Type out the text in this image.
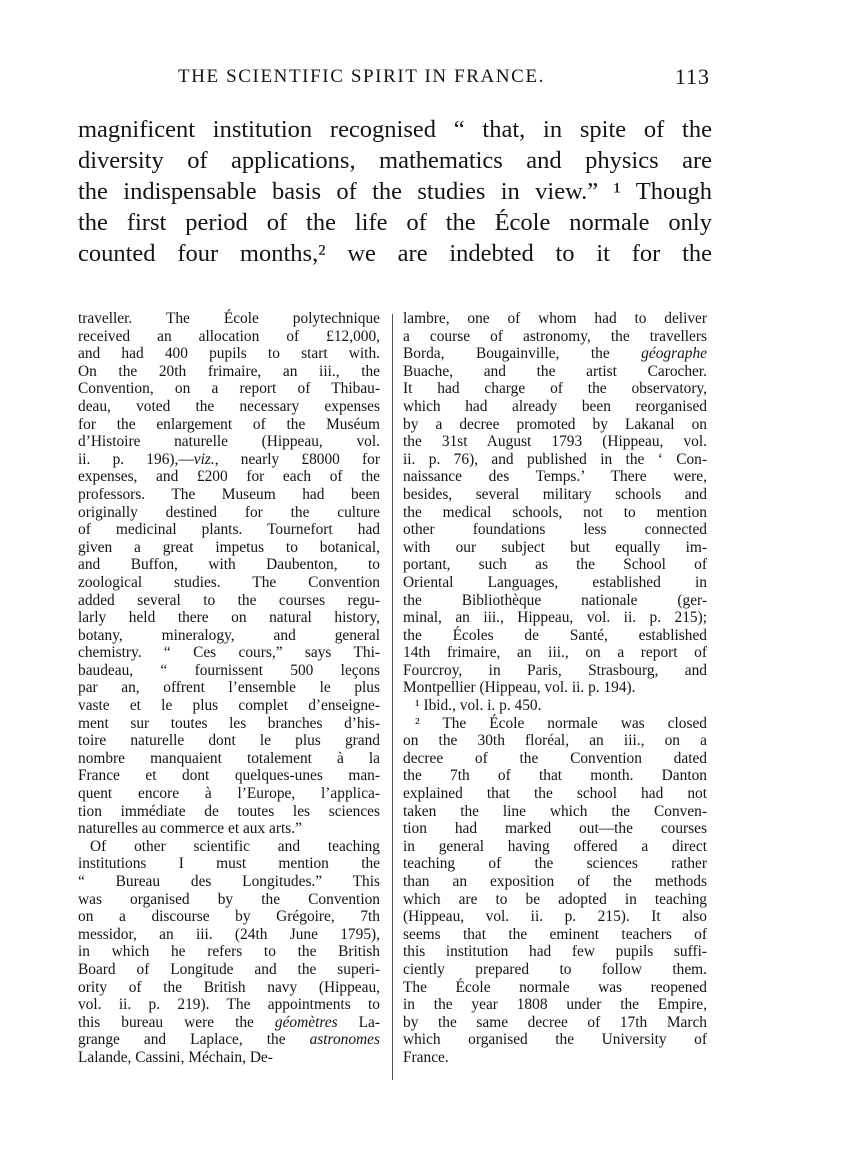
THE SCIENTIFIC SPIRIT IN FRANCE.	113
magnificent institution recognised “ that, in spite of the
diversity of applications, mathematics and physics are
the indispensable basis of the studies in view.” ¹ Though
the first period of the life of the École normale only
counted four months,² we are indebted to it for the
traveller. The École polytechnique
received an allocation of £12,000,
and had 400 pupils to start with.
On the 20th frimaire, an iii., the
Convention, on a report of Thibau-
deau, voted the necessary expenses
for the enlargement of the Muséum
d’Histoire naturelle (Hippeau, vol.
ii. p. 196),—viz., nearly £8000 for
expenses, and £200 for each of the
professors. The Museum had been
originally destined for the culture
of medicinal plants. Tournefort had
given a great impetus to botanical,
and Buffon, with Daubenton, to
zoological studies. The Convention
added several to the courses regu-
larly held there on natural history,
botany, mineralogy, and general
chemistry. “ Ces cours,” says Thi-
baudeau, “ fournissent 500 leçons
par an, offrent l’ensemble le plus
vaste et le plus complet d’enseigne-
ment sur toutes les branches d’his-
toire naturelle dont le plus grand
nombre manquaient totalement à la
France et dont quelques-unes man-
quent encore à l’Europe, l’applica-
tion immédiate de toutes les sciences
naturelles au commerce et aux arts.”
Of other scientific and teaching
institutions I must mention the
“ Bureau des Longitudes.” This
was organised by the Convention
on a discourse by Grégoire, 7th
messidor, an iii. (24th June 1795),
in which he refers to the British
Board of Longitude and the superi-
ority of the British navy (Hippeau,
vol. ii. p. 219). The appointments to
this bureau were the géomètres La-
grange and Laplace, the astronomes
Lalande, Cassini, Méchain, De-
lambre, one of whom had to deliver
a course of astronomy, the travellers
Borda, Bougainville, the géographe
Buache, and the artist Carocher.
It had charge of the observatory,
which had already been reorganised
by a decree promoted by Lakanal on
the 31st August 1793 (Hippeau, vol.
ii. p. 76), and published in the ‘ Con-
naissance des Temps.’ There were,
besides, several military schools and
the medical schools, not to mention
other foundations less connected
with our subject but equally im-
portant, such as the School of
Oriental Languages, established in
the Bibliothèque nationale (ger-
minal, an iii., Hippeau, vol. ii. p. 215);
the Écoles de Santé, established
14th frimaire, an iii., on a report of
Fourcroy, in Paris, Strasbourg, and
Montpellier (Hippeau, vol. ii. p. 194).
¹ Ibid., vol. i. p. 450.
² The École normale was closed
on the 30th floréal, an iii., on a
decree of the Convention dated
the 7th of that month. Danton
explained that the school had not
taken the line which the Conven-
tion had marked out—the courses
in general having offered a direct
teaching of the sciences rather
than an exposition of the methods
which are to be adopted in teaching
(Hippeau, vol. ii. p. 215). It also
seems that the eminent teachers of
this institution had few pupils suffi-
ciently prepared to follow them.
The École normale was reopened
in the year 1808 under the Empire,
by the same decree of 17th March
which organised the University of
France.
